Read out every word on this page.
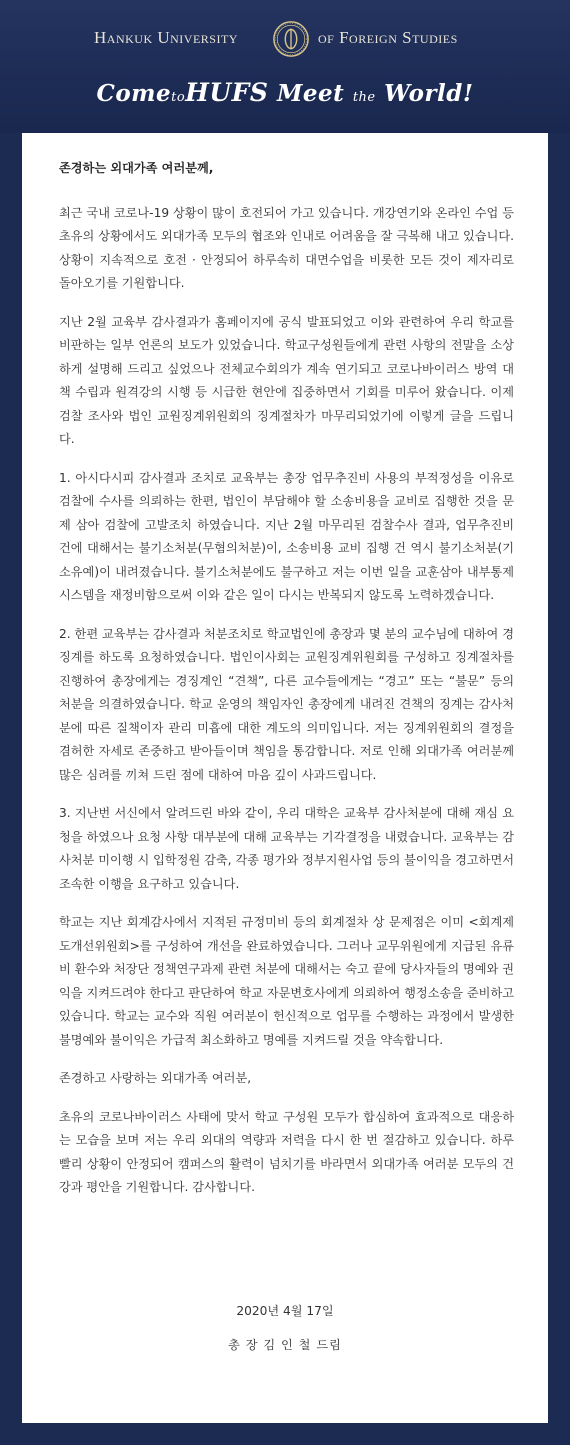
Hankuk University	of Foreign Studies
CometoHUFS Meet the World!
존경하는 외대가족 여러분께,

최근 국내 코로나-19 상황이 많이 호전되어 가고 있습니다. 개강연기와 온라인 수업 등 초유의 상황에서도 외대가족 모두의 협조와 인내로 어려움을 잘 극복해 내고 있습니다. 상황이 지속적으로 호전 · 안정되어 하루속히 대면수업을 비롯한 모든 것이 제자리로 돌아오기를 기원합니다.

지난 2월 교육부 감사결과가 홈페이지에 공식 발표되었고 이와 관련하여 우리 학교를 비판하는 일부 언론의 보도가 있었습니다. 학교구성원들에게 관련 사항의 전말을 소상하게 설명해 드리고 싶었으나 전체교수회의가 계속 연기되고 코로나바이러스 방역 대책 수립과 원격강의 시행 등 시급한 현안에 집중하면서 기회를 미루어 왔습니다. 이제 검찰 조사와 법인 교원징계위원회의 징계절차가 마무리되었기에 이렇게 글을 드립니다.

1. 아시다시피 감사결과 조치로 교육부는 총장 업무추진비 사용의 부적정성을 이유로 검찰에 수사를 의뢰하는 한편, 법인이 부담해야 할 소송비용을 교비로 집행한 것을 문제 삼아 검찰에 고발조치 하였습니다. 지난 2월 마무리된 검찰수사 결과, 업무추진비 건에 대해서는 불기소처분(무혐의처분)이, 소송비용 교비 집행 건 역시 불기소처분(기소유예)이 내려졌습니다. 불기소처분에도 불구하고 저는 이번 일을 교훈삼아 내부통제 시스템을 재정비함으로써 이와 같은 일이 다시는 반복되지 않도록 노력하겠습니다.

2. 한편 교육부는 감사결과 처분조치로 학교법인에 총장과 몇 분의 교수님에 대하여 경징계를 하도록 요청하였습니다. 법인이사회는 교원징계위원회를 구성하고 징계절차를 진행하여 총장에게는 경징계인 “견책”, 다른 교수들에게는 “경고” 또는 “불문” 등의 처분을 의결하였습니다. 학교 운영의 책임자인 총장에게 내려진 견책의 징계는 감사처분에 따른 질책이자 관리 미흡에 대한 계도의 의미입니다. 저는 징계위원회의 결정을 겸허한 자세로 존중하고 받아들이며 책임을 통감합니다. 저로 인해 외대가족 여러분께 많은 심려를 끼쳐 드린 점에 대하여 마음 깊이 사과드립니다.

3. 지난번 서신에서 알려드린 바와 같이, 우리 대학은 교육부 감사처분에 대해 재심 요청을 하였으나 요청 사항 대부분에 대해 교육부는 기각결정을 내렸습니다. 교육부는 감사처분 미이행 시 입학정원 감축, 각종 평가와 정부지원사업 등의 불이익을 경고하면서 조속한 이행을 요구하고 있습니다.

학교는 지난 회계감사에서 지적된 규정미비 등의 회계절차 상 문제점은 이미 <회계제도개선위원회>를 구성하여 개선을 완료하였습니다. 그러나 교무위원에게 지급된 유류비 환수와 처장단 정책연구과제 관련 처분에 대해서는 숙고 끝에 당사자들의 명예와 권익을 지켜드려야 한다고 판단하여 학교 자문변호사에게 의뢰하여 행정소송을 준비하고 있습니다. 학교는 교수와 직원 여러분이 헌신적으로 업무를 수행하는 과정에서 발생한 불명예와 불이익은 가급적 최소화하고 명예를 지켜드릴 것을 약속합니다.

존경하고 사랑하는 외대가족 여러분,

초유의 코로나바이러스 사태에 맞서 학교 구성원 모두가 합심하여 효과적으로 대응하는 모습을 보며 저는 우리 외대의 역량과 저력을 다시 한 번 절감하고 있습니다. 하루 빨리 상황이 안정되어 캠퍼스의 활력이 넘치기를 바라면서 외대가족 여러분 모두의 건강과 평안을 기원합니다. 감사합니다.

2020년 4월 17일
총 장 김 인 철 드림
